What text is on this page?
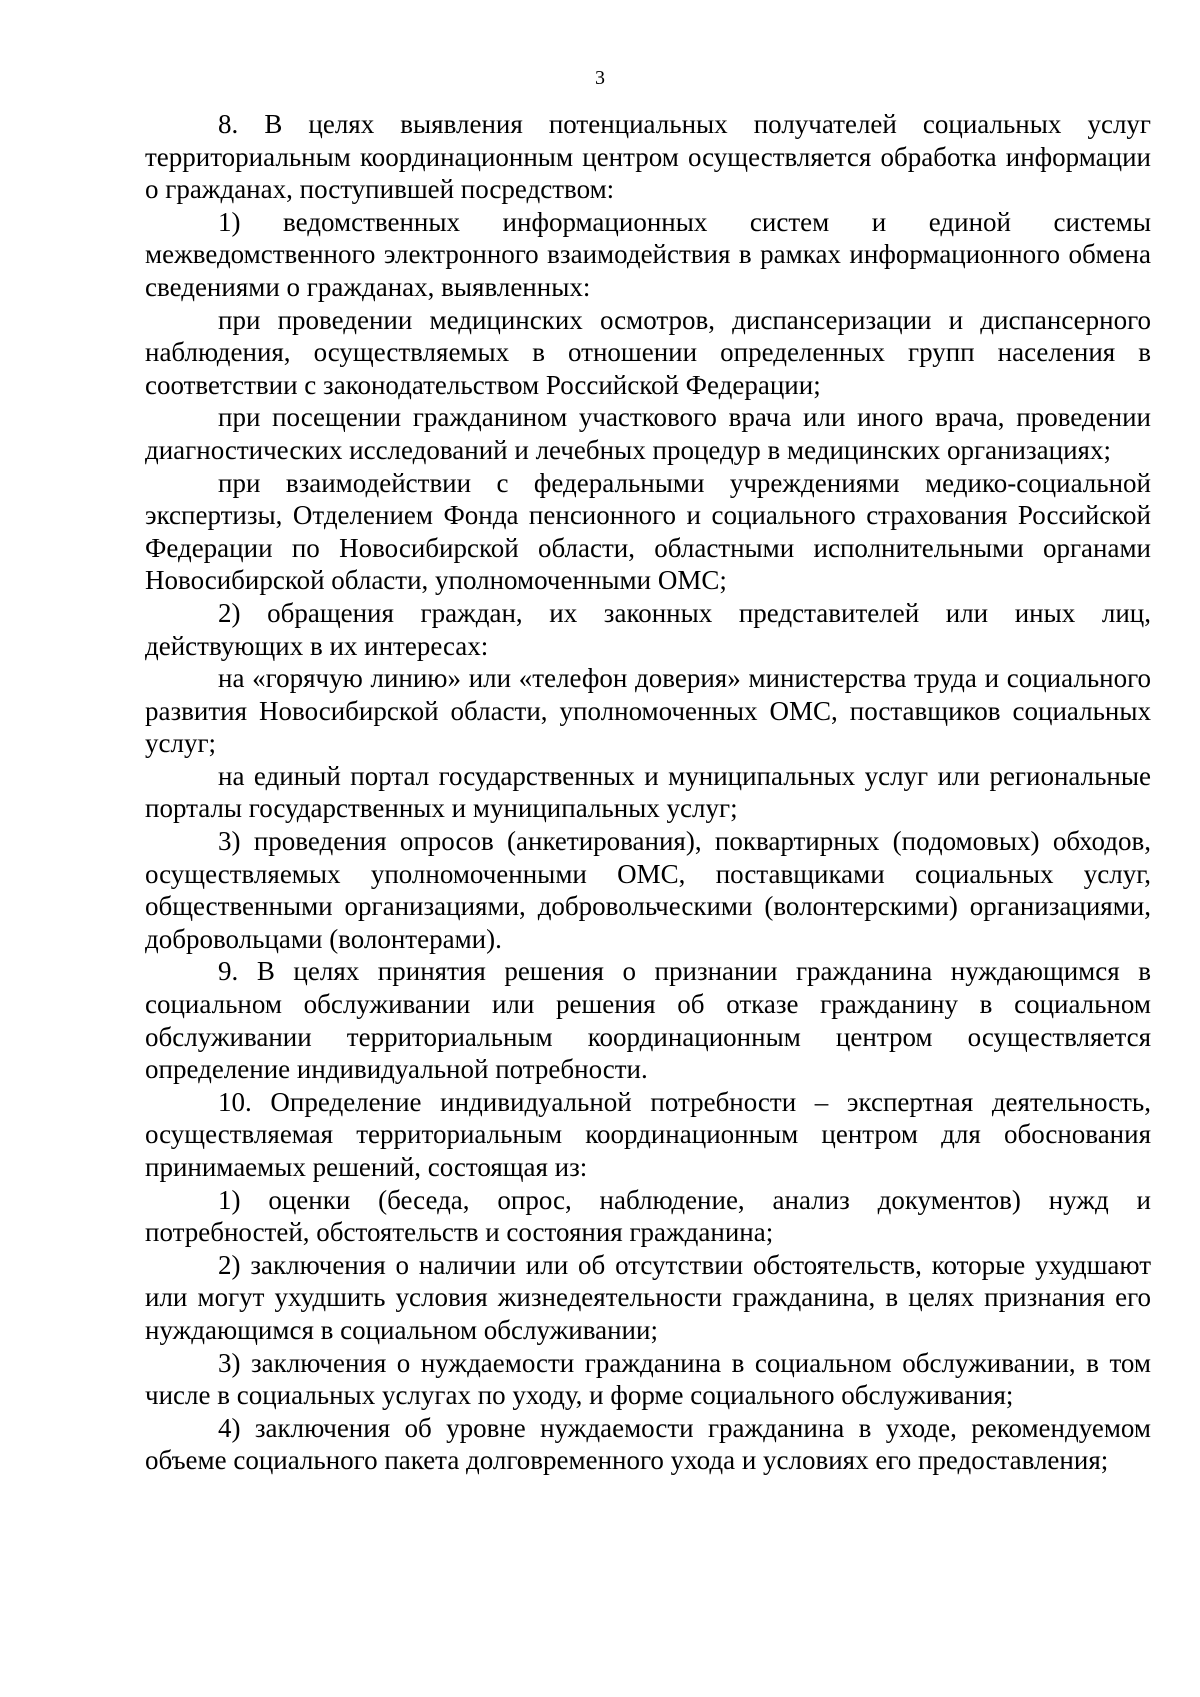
3

8. В целях выявления потенциальных получателей социальных услуг территориальным координационным центром осуществляется обработка информации о гражданах, поступившей посредством:

1) ведомственных информационных систем и единой системы межведомственного электронного взаимодействия в рамках информационного обмена сведениями о гражданах, выявленных:

при проведении медицинских осмотров, диспансеризации и диспансерного наблюдения, осуществляемых в отношении определенных групп населения в соответствии с законодательством Российской Федерации;

при посещении гражданином участкового врача или иного врача, проведении диагностических исследований и лечебных процедур в медицинских организациях;

при взаимодействии с федеральными учреждениями медико-социальной экспертизы, Отделением Фонда пенсионного и социального страхования Российской Федерации по Новосибирской области, областными исполнительными органами Новосибирской области, уполномоченными ОМС;

2) обращения граждан, их законных представителей или иных лиц, действующих в их интересах:

на «горячую линию» или «телефон доверия» министерства труда и социального развития Новосибирской области, уполномоченных ОМС, поставщиков социальных услуг;

на единый портал государственных и муниципальных услуг или региональные порталы государственных и муниципальных услуг;

3) проведения опросов (анкетирования), поквартирных (подомовых) обходов, осуществляемых уполномоченными ОМС, поставщиками социальных услуг, общественными организациями, добровольческими (волонтерскими) организациями, добровольцами (волонтерами).

9. В целях принятия решения о признании гражданина нуждающимся в социальном обслуживании или решения об отказе гражданину в социальном обслуживании территориальным координационным центром осуществляется определение индивидуальной потребности.

10. Определение индивидуальной потребности – экспертная деятельность, осуществляемая территориальным координационным центром для обоснования принимаемых решений, состоящая из:

1) оценки (беседа, опрос, наблюдение, анализ документов) нужд и потребностей, обстоятельств и состояния гражданина;

2) заключения о наличии или об отсутствии обстоятельств, которые ухудшают или могут ухудшить условия жизнедеятельности гражданина, в целях признания его нуждающимся в социальном обслуживании;

3) заключения о нуждаемости гражданина в социальном обслуживании, в том числе в социальных услугах по уходу, и форме социального обслуживания;

4) заключения об уровне нуждаемости гражданина в уходе, рекомендуемом объеме социального пакета долговременного ухода и условиях его предоставления;
